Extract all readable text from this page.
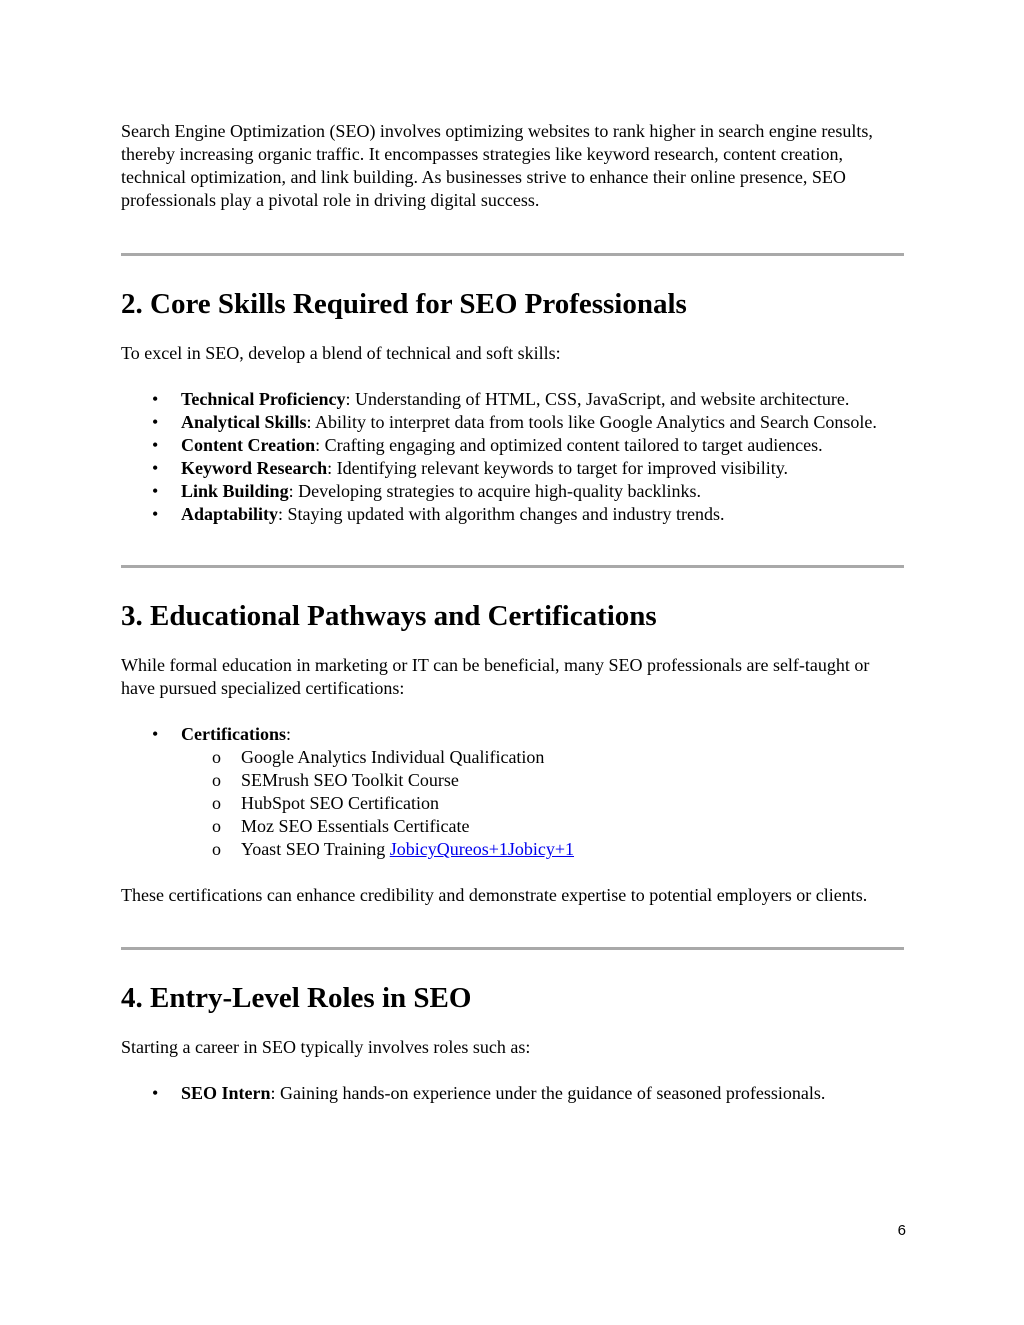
Search Engine Optimization (SEO) involves optimizing websites to rank higher in search engine results, thereby increasing organic traffic. It encompasses strategies like keyword research, content creation, technical optimization, and link building. As businesses strive to enhance their online presence, SEO professionals play a pivotal role in driving digital success.

2. Core Skills Required for SEO Professionals

To excel in SEO, develop a blend of technical and soft skills:

• Technical Proficiency: Understanding of HTML, CSS, JavaScript, and website architecture.
• Analytical Skills: Ability to interpret data from tools like Google Analytics and Search Console.
• Content Creation: Crafting engaging and optimized content tailored to target audiences.
• Keyword Research: Identifying relevant keywords to target for improved visibility.
• Link Building: Developing strategies to acquire high-quality backlinks.
• Adaptability: Staying updated with algorithm changes and industry trends.
3. Educational Pathways and Certifications

While formal education in marketing or IT can be beneficial, many SEO professionals are self-taught or have pursued specialized certifications:

• Certifications:
o Google Analytics Individual Qualification
o SEMrush SEO Toolkit Course
o HubSpot SEO Certification
o Moz SEO Essentials Certificate
o Yoast SEO Training JobicyQureos+1Jobicy+1

These certifications can enhance credibility and demonstrate expertise to potential employers or clients.

4. Entry-Level Roles in SEO

Starting a career in SEO typically involves roles such as:

• SEO Intern: Gaining hands-on experience under the guidance of seasoned professionals.
6
